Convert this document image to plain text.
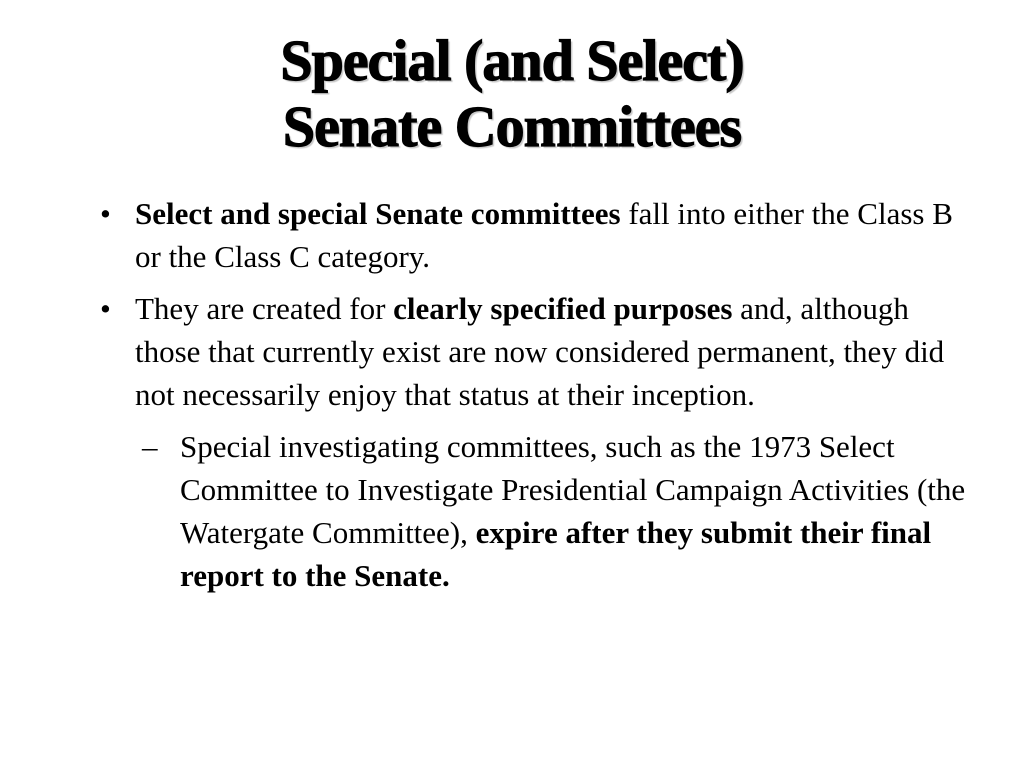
Special (and Select)
Senate Committees
• Select and special Senate committees fall into either the Class B or the Class C category.
• They are created for clearly specified purposes and, although those that currently exist are now considered permanent, they did not necessarily enjoy that status at their inception.
– Special investigating committees, such as the 1973 Select Committee to Investigate Presidential Campaign Activities (the Watergate Committee), expire after they submit their final report to the Senate.
